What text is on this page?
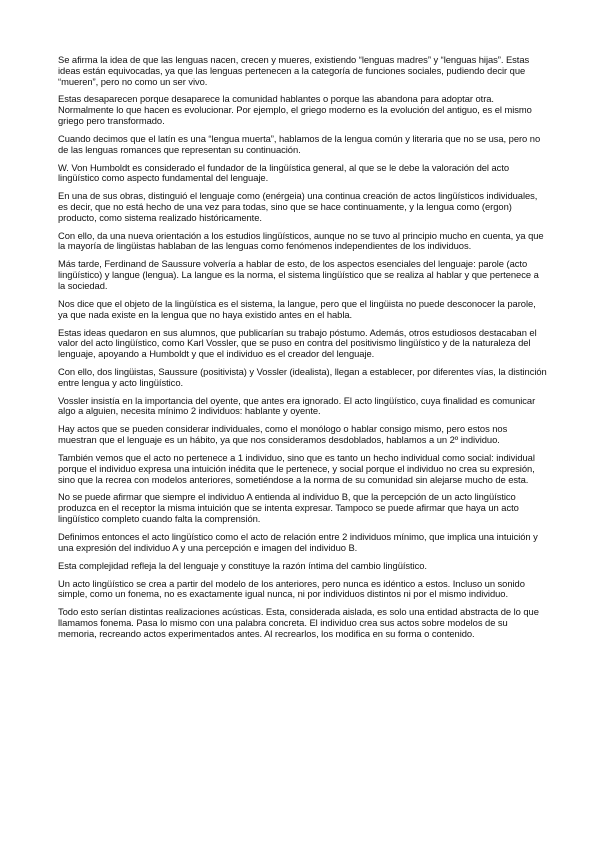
Se afirma la idea de que las lenguas nacen, crecen y mueres, existiendo “lenguas madres” y “lenguas hijas”. Estas ideas están equivocadas, ya que las lenguas pertenecen a la categoría de funciones sociales, pudiendo decir que “mueren”, pero no como un ser vivo.

Estas desaparecen porque desaparece la comunidad hablantes o porque las abandona para adoptar otra. Normalmente lo que hacen es evolucionar. Por ejemplo, el griego moderno es la evolución del antiguo, es el mismo griego pero transformado.

Cuando decimos que el latín es una “lengua muerta”, hablamos de la lengua común y literaria que no se usa, pero no de las lenguas romances que representan su continuación.

W. Von Humboldt es considerado el fundador de la lingüística general, al que se le debe la valoración del acto lingüístico como aspecto fundamental del lenguaje.

En una de sus obras, distinguió el lenguaje como (enérgeia) una continua creación de actos lingüísticos individuales, es decir, que no está hecho de una vez para todas, sino que se hace continuamente, y la lengua como (ergon) producto, como sistema realizado históricamente.

Con ello, da una nueva orientación a los estudios lingüísticos, aunque no se tuvo al principio mucho en cuenta, ya que la mayoría de lingüistas hablaban de las lenguas como fenómenos independientes de los individuos.

Más tarde, Ferdinand de Saussure volvería a hablar de esto, de los aspectos esenciales del lenguaje: parole (acto lingüístico) y langue (lengua). La langue es la norma, el sistema lingüístico que se realiza al hablar y que pertenece a la sociedad.

Nos dice que el objeto de la lingüística es el sistema, la langue, pero que el lingüista no puede desconocer la parole, ya que nada existe en la lengua que no haya existido antes en el habla.

Estas ideas quedaron en sus alumnos, que publicarían su trabajo póstumo. Además, otros estudiosos destacaban el valor del acto lingüístico, como Karl Vossler, que se puso en contra del positivismo lingüístico y de la naturaleza del lenguaje, apoyando a Humboldt y que el individuo es el creador del lenguaje.

Con ello, dos lingüistas, Saussure (positivista) y Vossler (idealista), llegan a establecer, por diferentes vías, la distinción entre lengua y acto lingüístico.

Vossler insistía en la importancia del oyente, que antes era ignorado. El acto lingüístico, cuya finalidad es comunicar algo a alguien, necesita mínimo 2 individuos: hablante y oyente.

Hay actos que se pueden considerar individuales, como el monólogo o hablar consigo mismo, pero estos nos muestran que el lenguaje es un hábito, ya que nos consideramos desdoblados, hablamos a un 2º individuo.

También vemos que el acto no pertenece a 1 individuo, sino que es tanto un hecho individual como social: individual porque el individuo expresa una intuición inédita que le pertenece, y social porque el individuo no crea su expresión, sino que la recrea con modelos anteriores, sometiéndose a la norma de su comunidad sin alejarse mucho de esta.

No se puede afirmar que siempre el individuo A entienda al individuo B, que la percepción de un acto lingüístico produzca en el receptor la misma intuición que se intenta expresar. Tampoco se puede afirmar que haya un acto lingüístico completo cuando falta la comprensión.

Definimos entonces el acto lingüístico como el acto de relación entre 2 individuos mínimo, que implica una intuición y una expresión del individuo A y una percepción e imagen del individuo B.

Esta complejidad refleja la del lenguaje y constituye la razón íntima del cambio lingüístico.

Un acto lingüístico se crea a partir del modelo de los anteriores, pero nunca es idéntico a estos. Incluso un sonido simple, como un fonema, no es exactamente igual nunca, ni por individuos distintos ni por el mismo individuo.

Todo esto serían distintas realizaciones acústicas. Esta, considerada aislada, es solo una entidad abstracta de lo que llamamos fonema. Pasa lo mismo con una palabra concreta. El individuo crea sus actos sobre modelos de su memoria, recreando actos experimentados antes. Al recrearlos, los modifica en su forma o contenido.
